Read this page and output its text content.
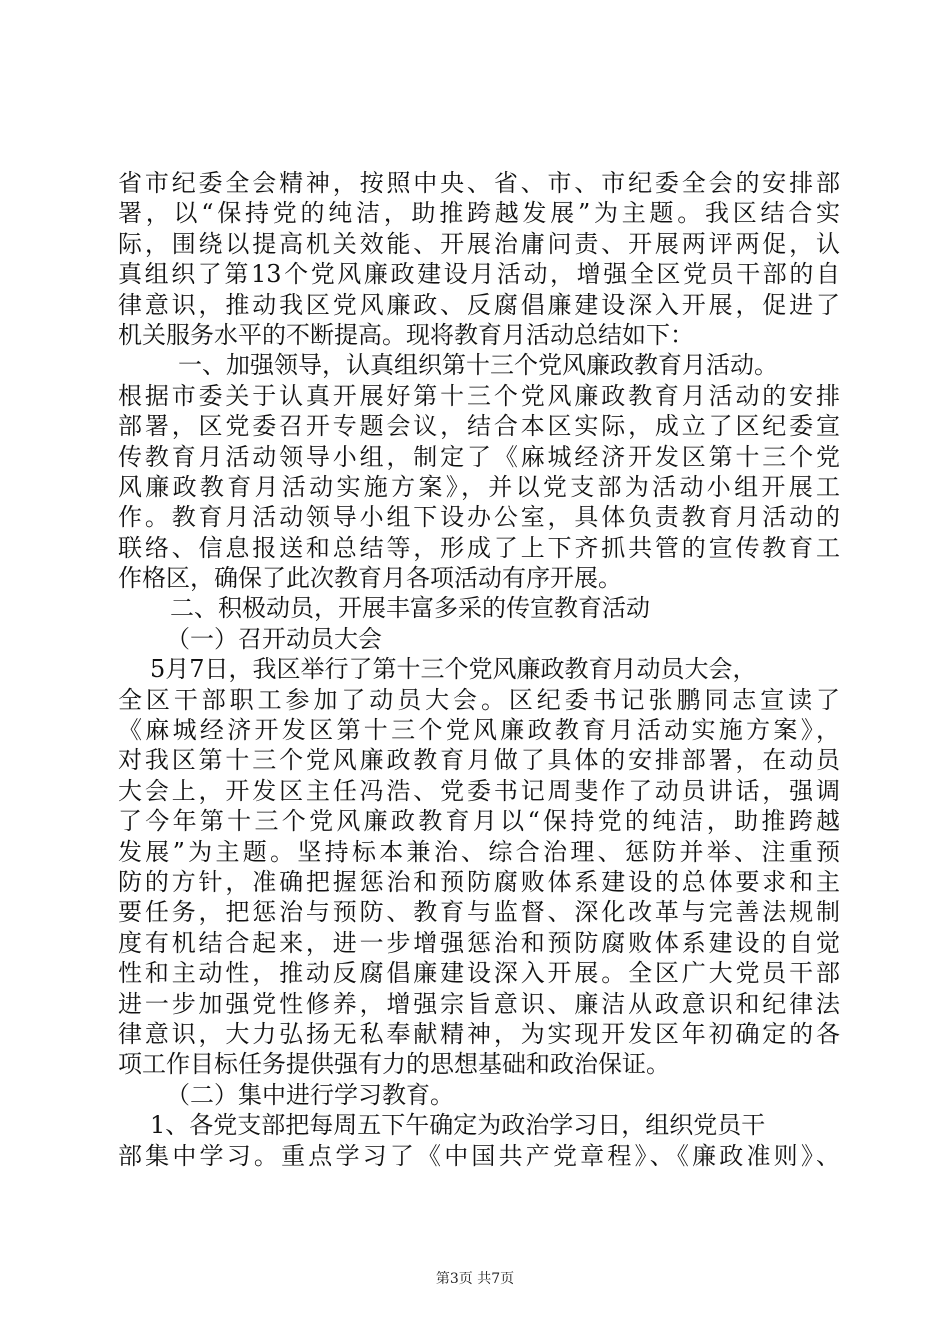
省市纪委全会精神，按照中央、省、市、市纪委全会的安排部
署，以“保持党的纯洁，助推跨越发展”为主题。我区结合实
际，围绕以提高机关效能、开展治庸问责、开展两评两促，认
真组织了第13个党风廉政建设月活动，增强全区党员干部的自
律意识，推动我区党风廉政、反腐倡廉建设深入开展，促进了
机关服务水平的不断提高。现将教育月活动总结如下：
一、加强领导，认真组织第十三个党风廉政教育月活动。
根据市委关于认真开展好第十三个党风廉政教育月活动的安排
部署，区党委召开专题会议，结合本区实际，成立了区纪委宣
传教育月活动领导小组，制定了《麻城经济开发区第十三个党
风廉政教育月活动实施方案》，并以党支部为活动小组开展工
作。教育月活动领导小组下设办公室，具体负责教育月活动的
联络、信息报送和总结等，形成了上下齐抓共管的宣传教育工
作格区，确保了此次教育月各项活动有序开展。
二、积极动员，开展丰富多采的传宣教育活动
（一）召开动员大会
5月7日，我区举行了第十三个党风廉政教育月动员大会，
全区干部职工参加了动员大会。区纪委书记张鹏同志宣读了
《麻城经济开发区第十三个党风廉政教育月活动实施方案》，
对我区第十三个党风廉政教育月做了具体的安排部署，在动员
大会上，开发区主任冯浩、党委书记周斐作了动员讲话，强调
了今年第十三个党风廉政教育月以“保持党的纯洁，助推跨越
发展”为主题。坚持标本兼治、综合治理、惩防并举、注重预
防的方针，准确把握惩治和预防腐败体系建设的总体要求和主
要任务，把惩治与预防、教育与监督、深化改革与完善法规制
度有机结合起来，进一步增强惩治和预防腐败体系建设的自觉
性和主动性，推动反腐倡廉建设深入开展。全区广大党员干部
进一步加强党性修养，增强宗旨意识、廉洁从政意识和纪律法
律意识，大力弘扬无私奉献精神，为实现开发区年初确定的各
项工作目标任务提供强有力的思想基础和政治保证。
（二）集中进行学习教育。
1、各党支部把每周五下午确定为政治学习日，组织党员干
部集中学习。重点学习了《中国共产党章程》、《廉政准则》、
第3页 共7页
